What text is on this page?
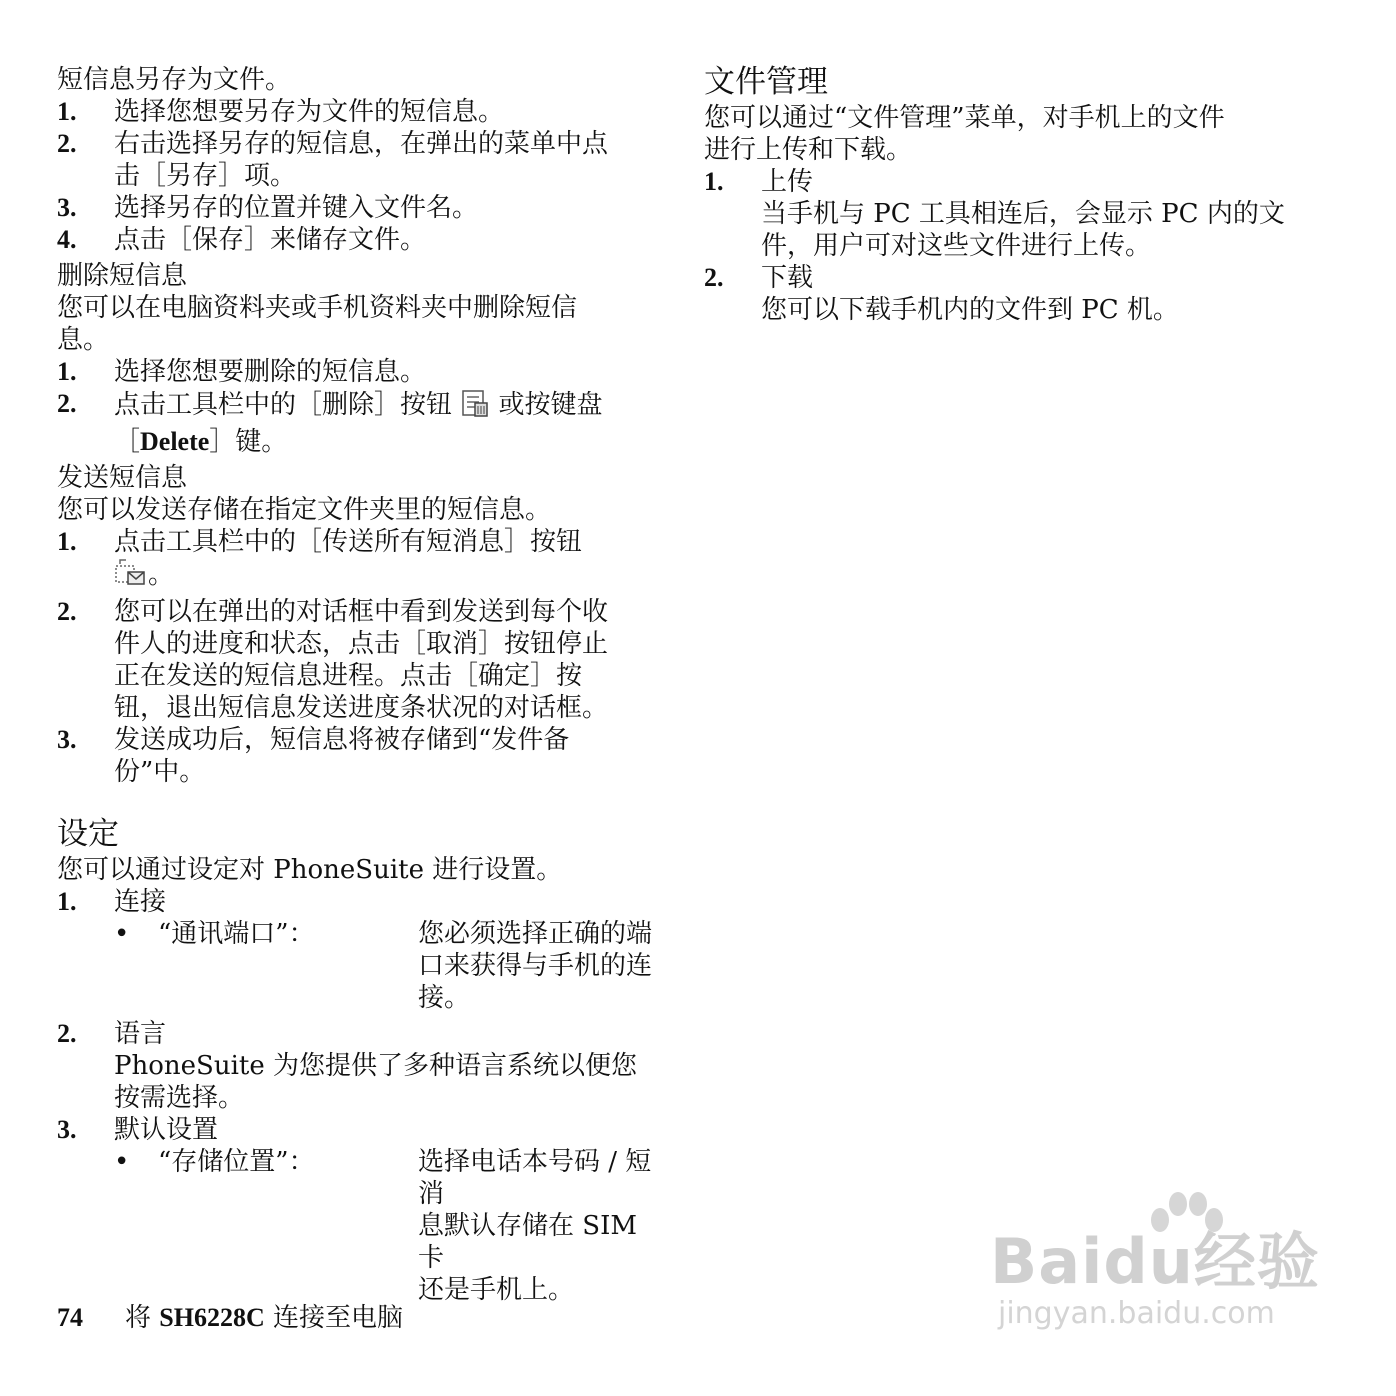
短信息另存为文件。

1.	选择您想要另存为文件的短信息。
2.	右击选择另存的短信息，在弹出的菜单中点
击［另存］项。
3.	选择另存的位置并键入文件名。
4.	点击［保存］来储存文件。

删除短信息

您可以在电脑资料夹或手机资料夹中删除短信
息。

1.	选择您想要删除的短信息。
2.	点击工具栏中的［删除］按钮 或按键盘
［Delete］键。

发送短信息

您可以发送存储在指定文件夹里的短信息。

1.	点击工具栏中的［传送所有短消息］按钮
。
2.	您可以在弹出的对话框中看到发送到每个收
件人的进度和状态，点击［取消］按钮停止
正在发送的短信息进程。点击［确定］按
钮，退出短信息发送进度条状况的对话框。
3.	发送成功后，短信息将被存储到“发件备
份”中。

设定

您可以通过设定对 PhoneSuite 进行设置。

1.	连接
•	“通讯端口”：	您必须选择正确的端
口来获得与手机的连
接。
2.	语言
PhoneSuite 为您提供了多种语言系统以便您
按需选择。
3.	默认设置
•	“存储位置”：	选择电话本号码 / 短消
息默认存储在 SIM 卡
还是手机上。

文件管理

您可以通过“文件管理”菜单，对手机上的文件
进行上传和下载。

1.	上传
当手机与 PC 工具相连后，会显示 PC 内的文
件，用户可对这些文件进行上传。
2.	下载
您可以下载手机内的文件到 PC 机。
74	将 SH6228C 连接至电脑
Baidu经验
jingyan.baidu.com
